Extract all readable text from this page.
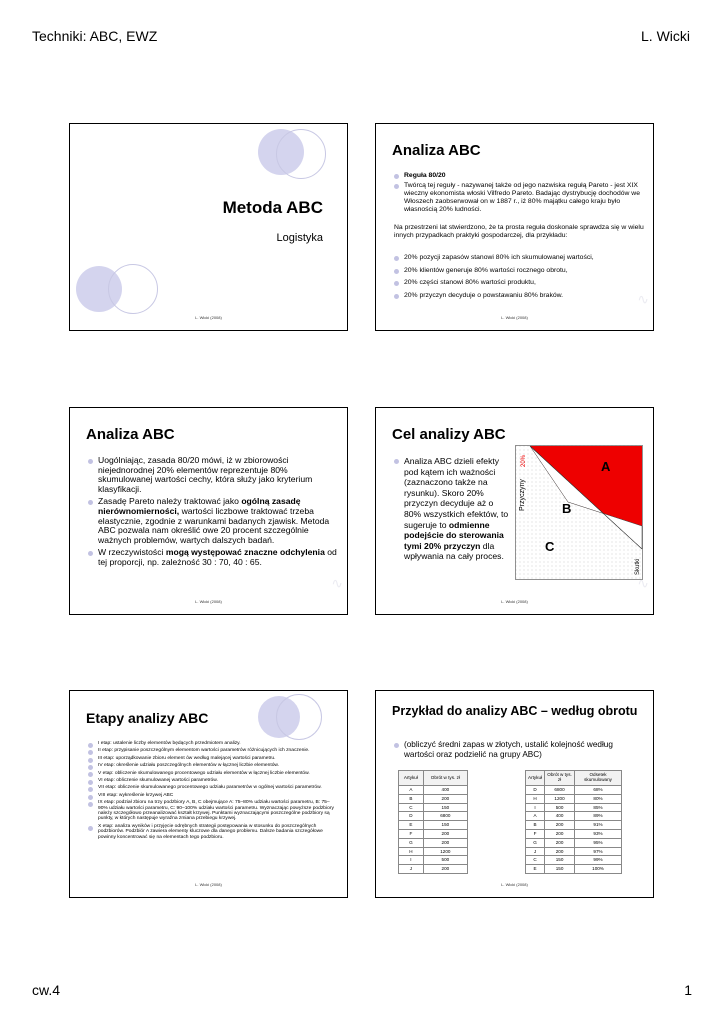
Techniki: ABC, EWZ	L. Wicki
Metoda ABC
Logistyka
L. Wicki (2008)
Analiza ABC
Reguła 80/20
Twórcą tej reguły - nazywanej także od jego nazwiska regułą Pareto - jest XIX wieczny ekonomista włoski Vilfredo Pareto. Badając dystrybucję dochodów we Włoszech zaobserwował on w 1887 r., iż 80% majątku całego kraju było własnością 20% ludności.
Na przestrzeni lat stwierdzono, że ta prosta reguła doskonale sprawdza się w wielu innych przypadkach praktyki gospodarczej, dla przykładu:
20% pozycji zapasów stanowi 80% ich skumulowanej wartości,
20% klientów generuje 80% wartości rocznego obrotu,
20% części stanowi 80% wartości produktu,
20% przyczyn decyduje o powstawaniu 80% braków.	∿
L. Wicki (2008)
Analiza ABC
Uogólniając, zasada 80/20 mówi, iż w zbiorowości niejednorodnej 20% elementów reprezentuje 80% skumulowanej wartości cechy, która służy jako kryterium klasyfikacji.
Zasadę Pareto należy traktować jako ogólną zasadę nierównomierności, wartości liczbowe traktować trzeba elastycznie, zgodnie z warunkami badanych zjawisk. Metoda ABC pozwala nam określić owe 20 procent szczególnie ważnych problemów, wartych dalszych badań.
W rzeczywistości mogą występować znaczne odchylenia od tej proporcji, np. zależność 30 : 70, 40 : 65.
∿
L. Wicki (2008)
Cel analizy ABC
Analiza ABC dzieli efekty pod kątem ich ważności (zaznaczono także na rysunku). Skoro 20% przyczyn decyduje aż o 80% wszystkich efektów, to sugeruje to odmienne podejście do sterowania tymi 20% przyczyn dla wpływania na cały proces.
A
B
C
20%
Przyczyny	80%
Skutki
∿
L. Wicki (2008)
Etapy analizy ABC
I etap: ustalenie liczby elementów będących przedmiotem analizy.
II etap: przypisanie poszczególnym elementom wartości parametrów różnicujących ich znaczenie.
III etap: uporządkowanie zbioru element ów według malejącej wartości parametru.
IV etap: określenie udziału poszczególnych elementów w łącznej liczbie elementów.
V etap: obliczenie skumulowanego procentowego udziału elementów w łącznej liczbie elementów.
VI etap: obliczenie skumulowanej wartości parametrów.
VII etap: obliczenie skumulowanego procentowego udziału parametrów w ogólnej wartości parametrów.
VIII etap: wykreślenie krzywej ABC
IX etap: podział zbioru na trzy podzbiory A, B, C obejmujące A: 75–80% udziału wartości parametru, B: 75–90% udziału wartości parametru, C: 90–100% udziału wartości parametru. Wyznaczając powyższe podzbiory należy szczegółowo przeanalizować kształt krzywej. Punktami wyznaczającymi poszczególne podzbiory są punkty, w których następuje wyraźna zmiana przebiegu krzywej.
X etap: analiza wyników i przyjęcie odrębnych strategii postępowania w stosunku do poszczególnych podzbiorów. Podzbiór A zawiera elementy kluczowe dla danego problemu. Dalsze badania szczegółowe powinny koncentrować się na elementach tego podzbioru.
L. Wicki (2008)
Przykład do analizy ABC – według obrotu
(obliczyć średni zapas w złotych, ustalić kolejność według wartości oraz podzielić na grupy ABC)
Artykuł	Obrót w tys. zł
A	400
B	200
C	150
D	6800
E	150
F	200
G	200
H	1200
I	500
J	200
Artykuł	Obrót w tys. zł	Odsetek skumulowany
D	6800	68%
H	1200	80%
I	500	85%
A	400	89%
B	200	91%
F	200	93%
G	200	95%
J	200	97%
C	150	99%
E	150	100%
L. Wicki (2008)
cw.4	1
